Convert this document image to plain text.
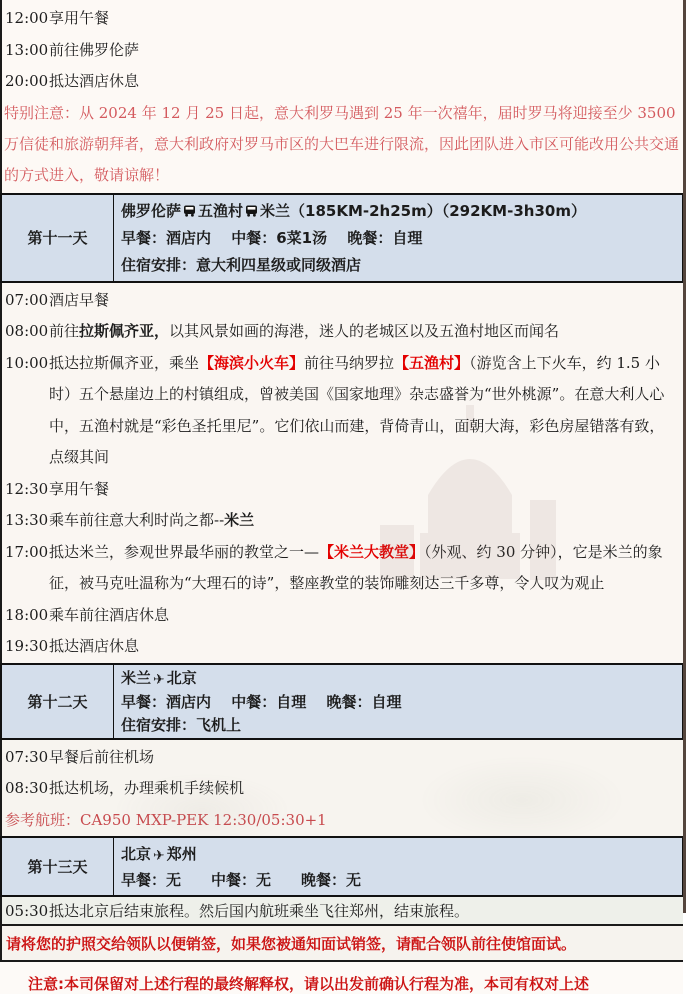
12:00 享用午餐
13:00 前往佛罗伦萨
20:00 抵达酒店休息
特别注意：从 2024 年 12 月 25 日起，意大利罗马遇到 25 年一次禧年，届时罗马将迎接至少 3500 万信徒和旅游朝拜者，意大利政府对罗马市区的大巴车进行限流，因此团队进入市区可能改用公共交通的方式进入，敬请谅解！
第十一天
佛罗伦萨 五渔村 米兰（185KM-2h25m）（292KM-3h30m）
早餐：酒店内　 中餐：6菜1汤　 晚餐：自理
住宿安排：意大利四星级或同级酒店
07:00 酒店早餐
08:00 前往拉斯佩齐亚，以其风景如画的海港，迷人的老城区以及五渔村地区而闻名
10:00 抵达拉斯佩齐亚，乘坐【海滨小火车】前往马纳罗拉【五渔村】（游览含上下火车，约 1.5 小时）五个悬崖边上的村镇组成，曾被美国《国家地理》杂志盛誉为“世外桃源”。在意大利人心中，五渔村就是“彩色圣托里尼”。它们依山而建，背倚青山，面朝大海，彩色房屋错落有致，点缀其间
12:30 享用午餐
13:30 乘车前往意大利时尚之都--米兰
17:00 抵达米兰，参观世界最华丽的教堂之一—【米兰大教堂】（外观、约 30 分钟），它是米兰的象征，被马克吐温称为“大理石的诗”，整座教堂的装饰雕刻达三千多尊，令人叹为观止
18:00 乘车前往酒店休息
19:30 抵达酒店休息
第十二天
米兰 ✈ 北京
早餐：酒店内　 中餐：自理　 晚餐：自理
住宿安排：飞机上
07:30 早餐后前往机场
08:30 抵达机场，办理乘机手续候机
参考航班：CA950 MXP-PEK 12:30/05:30+1
第十三天
北京 ✈ 郑州
早餐：无　　中餐：无　　晚餐：无
05:30 抵达北京后结束旅程。然后国内航班乘坐飞往郑州，结束旅程。
请将您的护照交给领队以便销签，如果您被通知面试销签，请配合领队前往使馆面试。
注意:本司保留对上述行程的最终解释权，请以出发前确认行程为准，本司有权对上述
